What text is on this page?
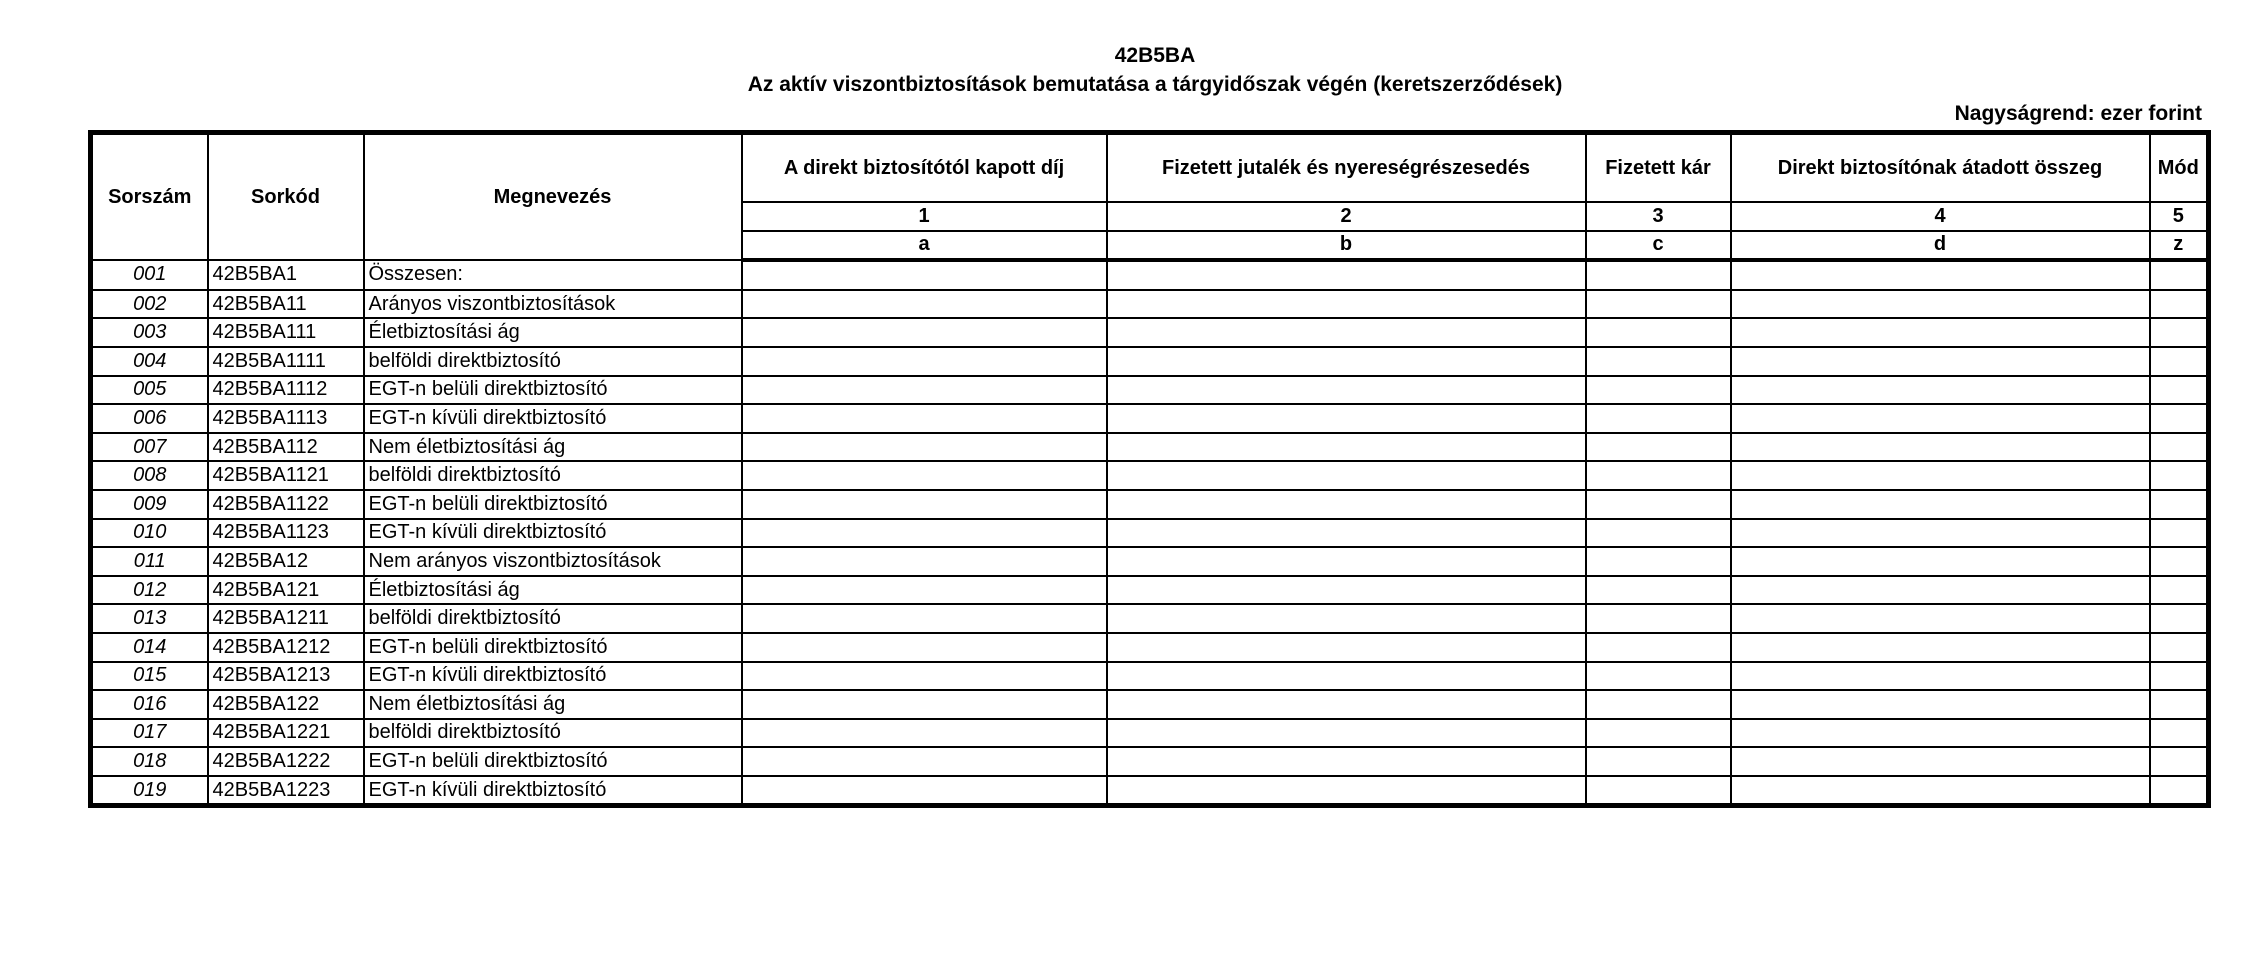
42B5BA
Az aktív viszontbiztosítások bemutatása a tárgyidőszak végén (keretszerződések)
Nagyságrend: ezer forint
Sorszám	Sorkód	Megnevezés	A direkt biztosítótól kapott díj	Fizetett jutalék és nyereségrészesedés	Fizetett kár	Direkt biztosítónak átadott összeg	Mód
			1	2	3	4	5
			a	b	c	d	z
001	42B5BA1	Összesen:					
002	42B5BA11	Arányos viszontbiztosítások					
003	42B5BA111	Életbiztosítási ág					
004	42B5BA1111	belföldi direktbiztosító					
005	42B5BA1112	EGT-n belüli direktbiztosító					
006	42B5BA1113	EGT-n kívüli direktbiztosító					
007	42B5BA112	Nem életbiztosítási ág					
008	42B5BA1121	belföldi direktbiztosító					
009	42B5BA1122	EGT-n belüli direktbiztosító					
010	42B5BA1123	EGT-n kívüli direktbiztosító					
011	42B5BA12	Nem arányos viszontbiztosítások					
012	42B5BA121	Életbiztosítási ág					
013	42B5BA1211	belföldi direktbiztosító					
014	42B5BA1212	EGT-n belüli direktbiztosító					
015	42B5BA1213	EGT-n kívüli direktbiztosító					
016	42B5BA122	Nem életbiztosítási ág					
017	42B5BA1221	belföldi direktbiztosító					
018	42B5BA1222	EGT-n belüli direktbiztosító					
019	42B5BA1223	EGT-n kívüli direktbiztosító					
